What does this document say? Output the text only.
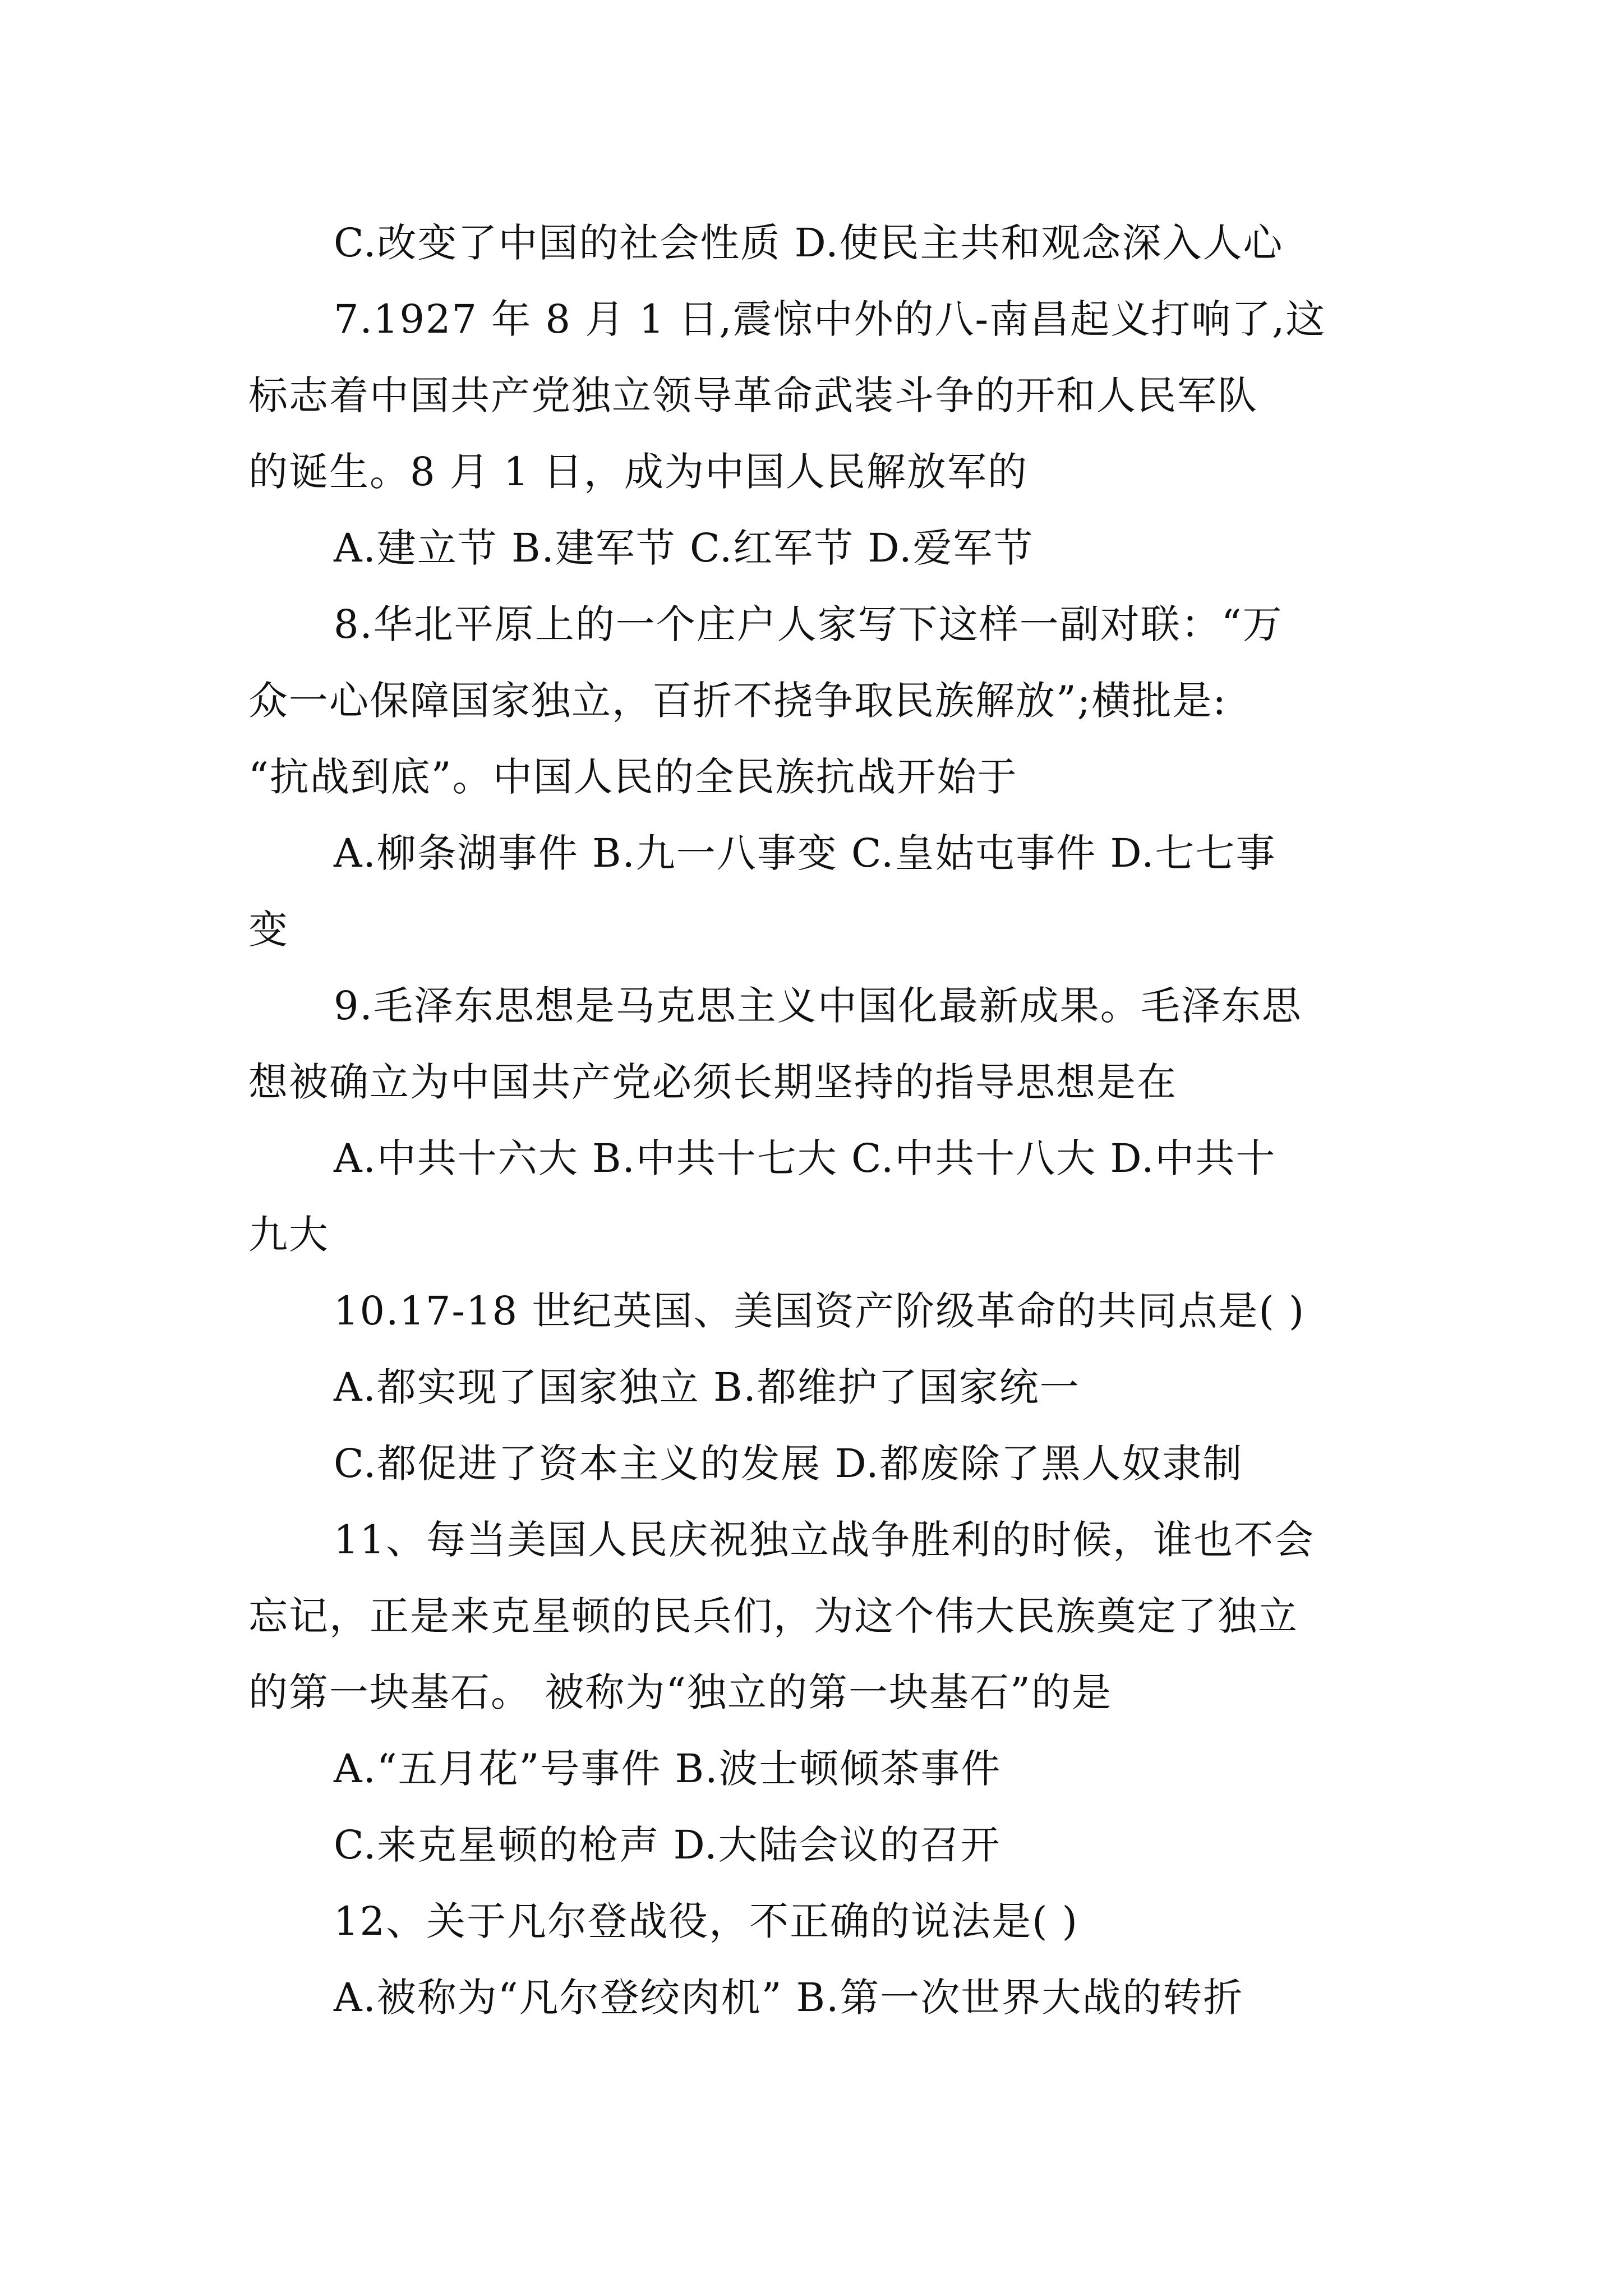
C.改变了中国的社会性质 D.使民主共和观念深入人心
7.1927 年 8 月 1 日,震惊中外的八-南昌起义打响了,这
标志着中国共产党独立领导革命武装斗争的开和人民军队
的诞生。8 月 1 日，成为中国人民解放军的
A.建立节 B.建军节 C.红军节 D.爱军节
8.华北平原上的一个庄户人家写下这样一副对联：“万
众一心保障国家独立，百折不挠争取民族解放”;横批是:
“抗战到底”。中国人民的全民族抗战开始于
A.柳条湖事件 B.九一八事变 C.皇姑屯事件 D.七七事
变
9.毛泽东思想是马克思主义中国化最新成果。毛泽东思
想被确立为中国共产党必须长期坚持的指导思想是在
A.中共十六大 B.中共十七大 C.中共十八大 D.中共十
九大
10.17-18 世纪英国、美国资产阶级革命的共同点是( )
A.都实现了国家独立 B.都维护了国家统一
C.都促进了资本主义的发展 D.都废除了黑人奴隶制
11、每当美国人民庆祝独立战争胜利的时候，谁也不会
忘记，正是来克星顿的民兵们，为这个伟大民族奠定了独立
的第一块基石。 被称为“独立的第一块基石”的是
A.“五月花”号事件 B.波士顿倾茶事件
C.来克星顿的枪声 D.大陆会议的召开
12、关于凡尔登战役，不正确的说法是( )
A.被称为“凡尔登绞肉机” B.第一次世界大战的转折
